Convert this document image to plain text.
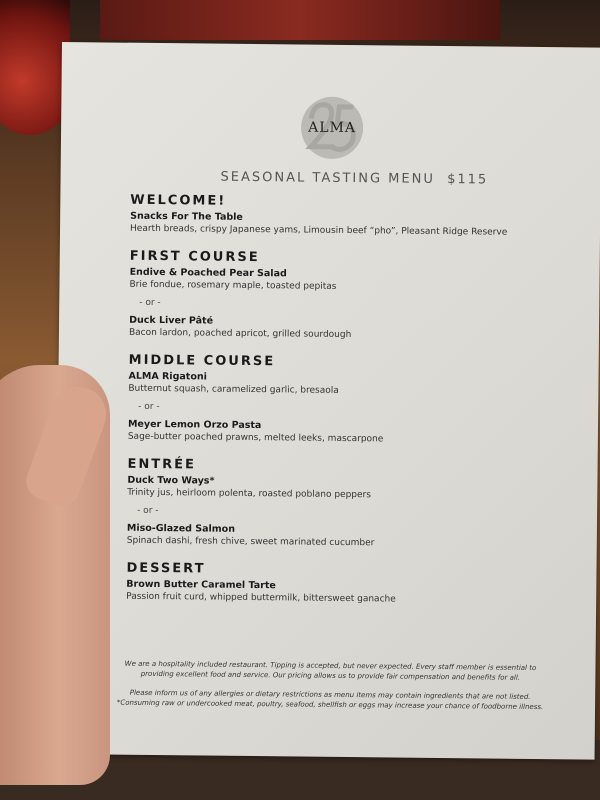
ALMA
SEASONAL TASTING MENU $115
WELCOME!
Snacks For The Table
Hearth breads, crispy Japanese yams, Limousin beef “pho”, Pleasant Ridge Reserve
FIRST COURSE
Endive & Poached Pear Salad
Brie fondue, rosemary maple, toasted pepitas
- or -
Duck Liver Pâté
Bacon lardon, poached apricot, grilled sourdough
MIDDLE COURSE
ALMA Rigatoni
Butternut squash, caramelized garlic, bresaola
- or -
Meyer Lemon Orzo Pasta
Sage-butter poached prawns, melted leeks, mascarpone
ENTRÉE
Duck Two Ways*
Trinity jus, heirloom polenta, roasted poblano peppers
- or -
Miso-Glazed Salmon
Spinach dashi, fresh chive, sweet marinated cucumber
DESSERT
Brown Butter Caramel Tarte
Passion fruit curd, whipped buttermilk, bittersweet ganache

We are a hospitality included restaurant. Tipping is accepted, but never expected. Every staff member is essential to providing excellent food and service. Our pricing allows us to provide fair compensation and benefits for all.

Please inform us of any allergies or dietary restrictions as menu items may contain ingredients that are not listed.
*Consuming raw or undercooked meat, poultry, seafood, shellfish or eggs may increase your chance of foodborne illness.
